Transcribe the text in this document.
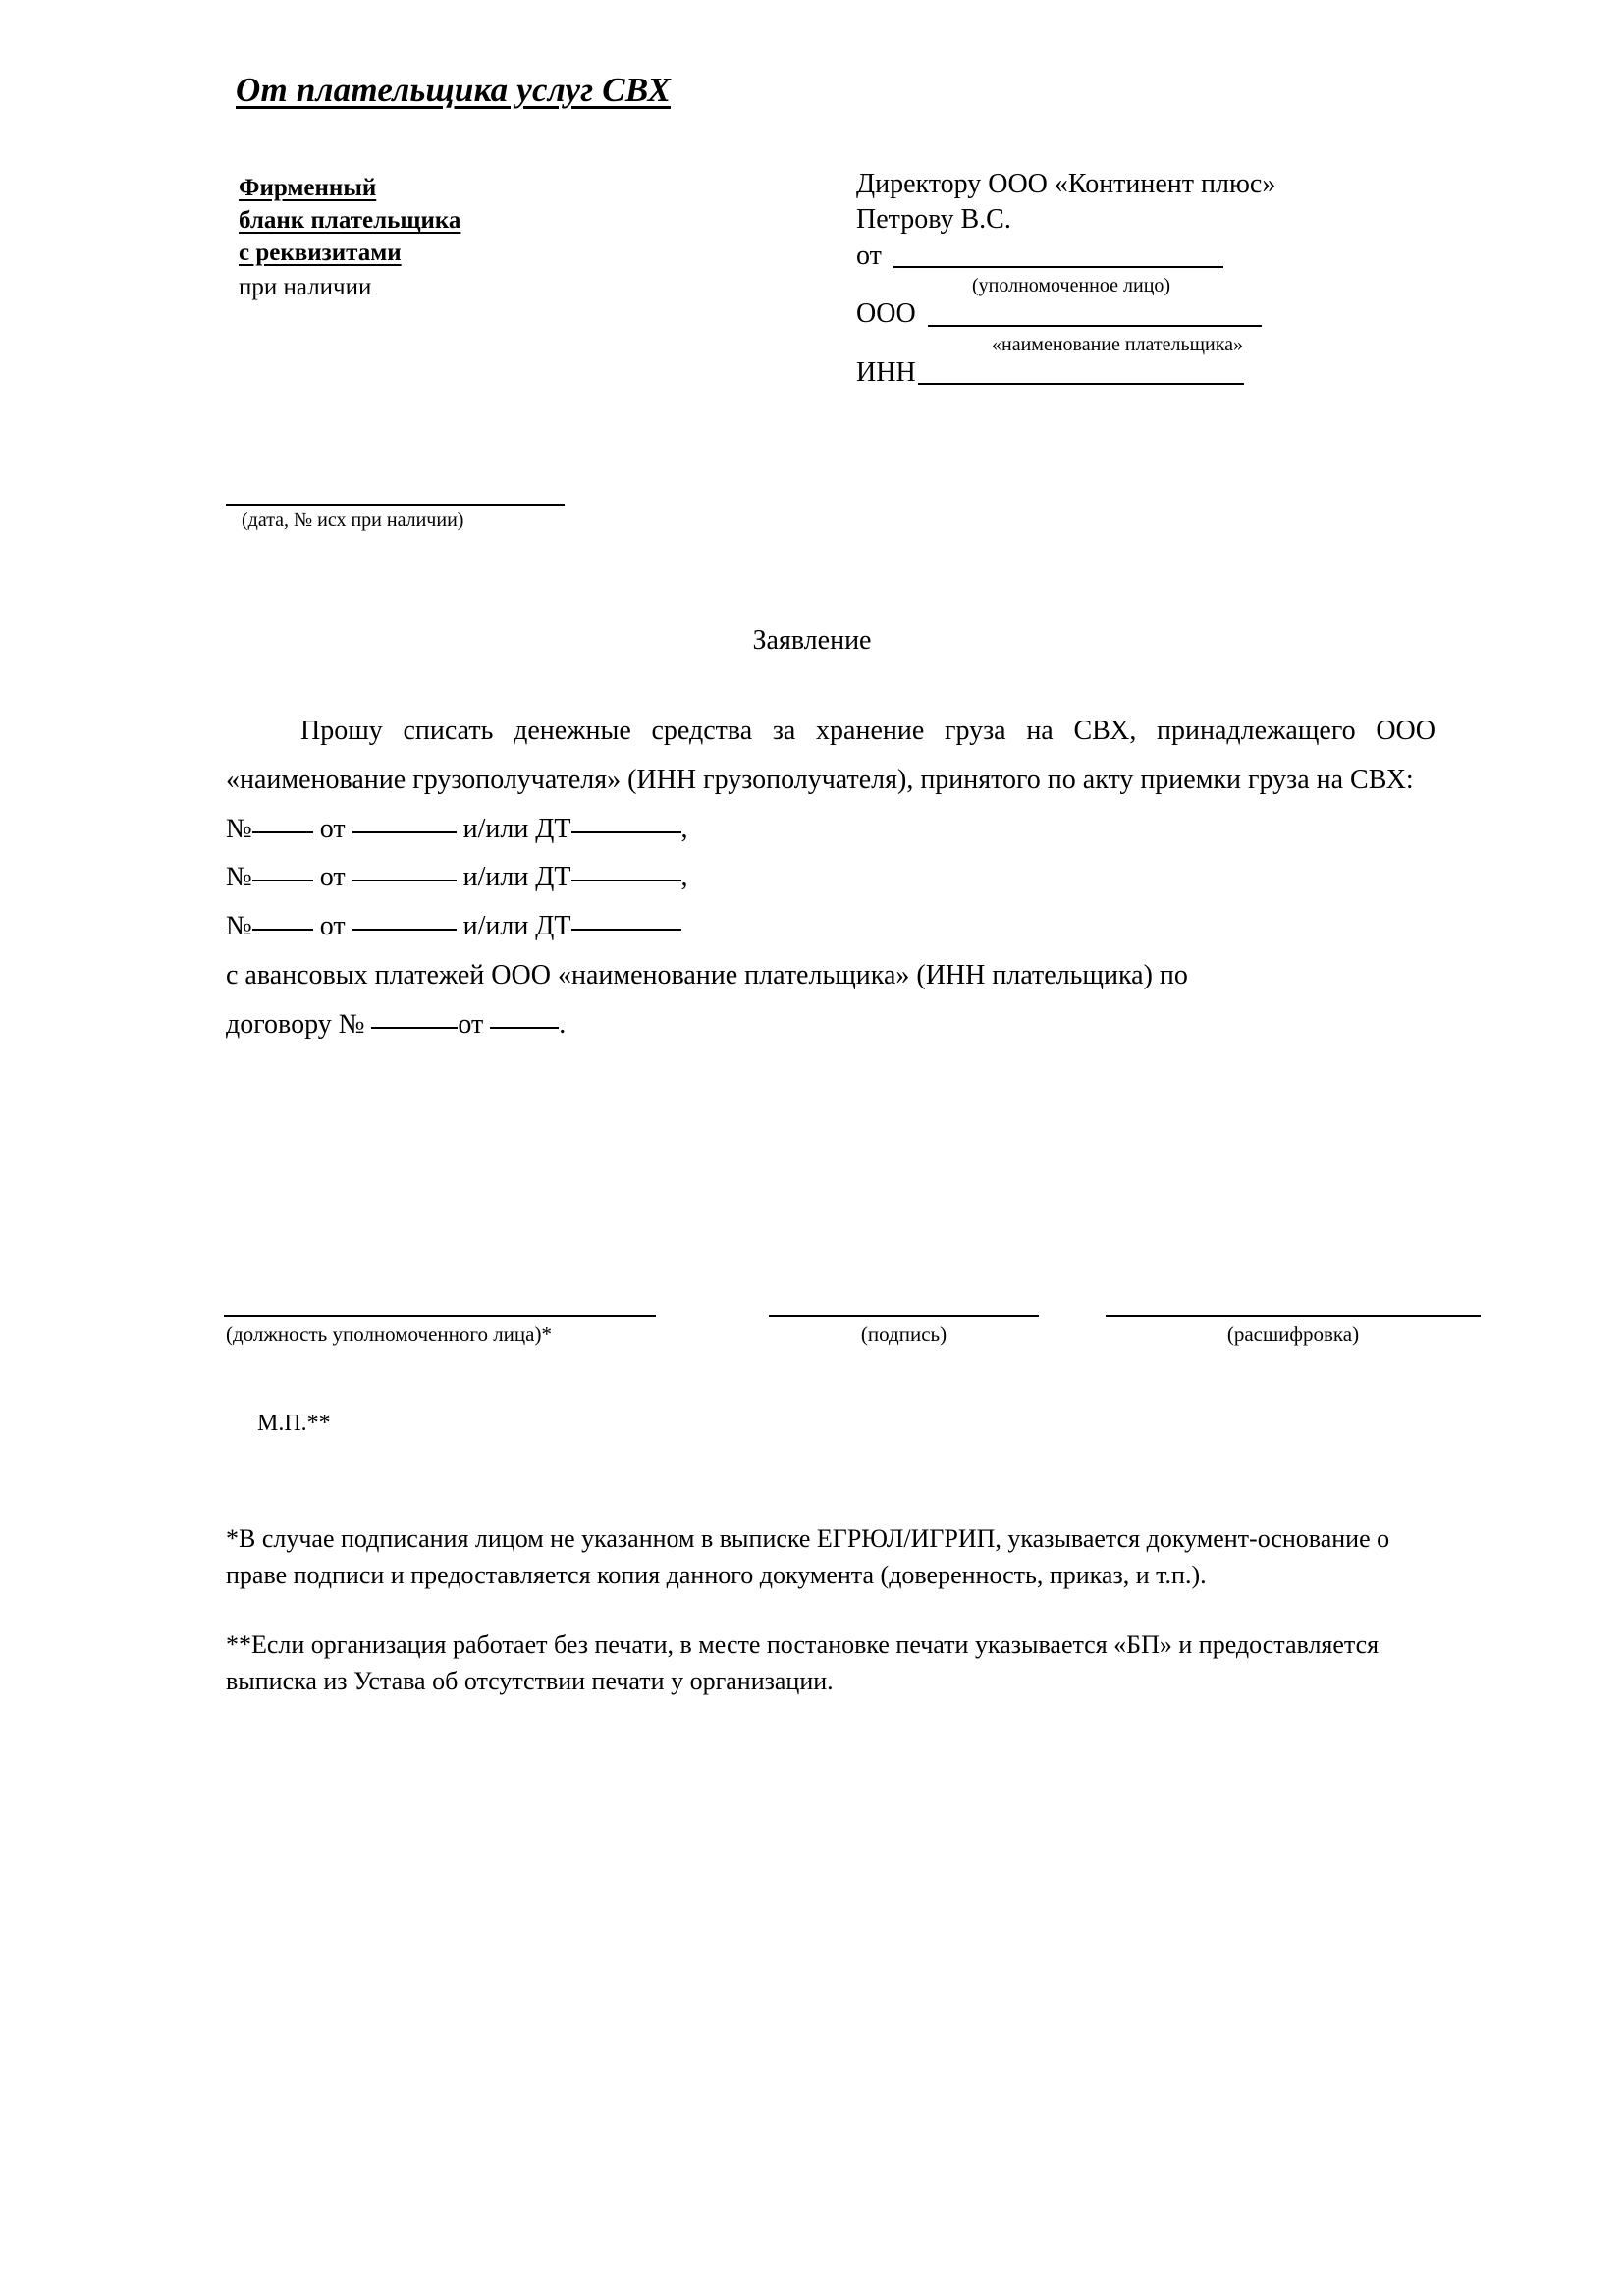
От плательщика услуг СВХ
Фирменный
бланк плательщика
с реквизитами
при наличии
Директору ООО «Континент плюс»
Петрову В.С.
от
(уполномоченное лицо)
ООО
«наименование плательщика»
ИНН
(дата, № исх при наличии)
Заявление

Прошу списать денежные средства за хранение груза на СВХ, принадлежащего ООО «наименование грузополучателя» (ИНН грузополучателя), принятого по акту приемки груза на СВХ:

№ от	и/или ДТ	,
№ от	и/или ДТ	,
№ от	и/или ДТ

с авансовых платежей ООО «наименование плательщика» (ИНН плательщика) по

договору №	от	.

(должность уполномоченного лица)*	(подпись)	(расшифровка)
М.П.**

*В случае подписания лицом не указанном в выписке ЕГРЮЛ/ИГРИП, указывается документ-основание о праве подписи и предоставляется копия данного документа (доверенность, приказ, и т.п.).

**Если организация работает без печати, в месте постановке печати указывается «БП» и предоставляется выписка из Устава об отсутствии печати у организации.
